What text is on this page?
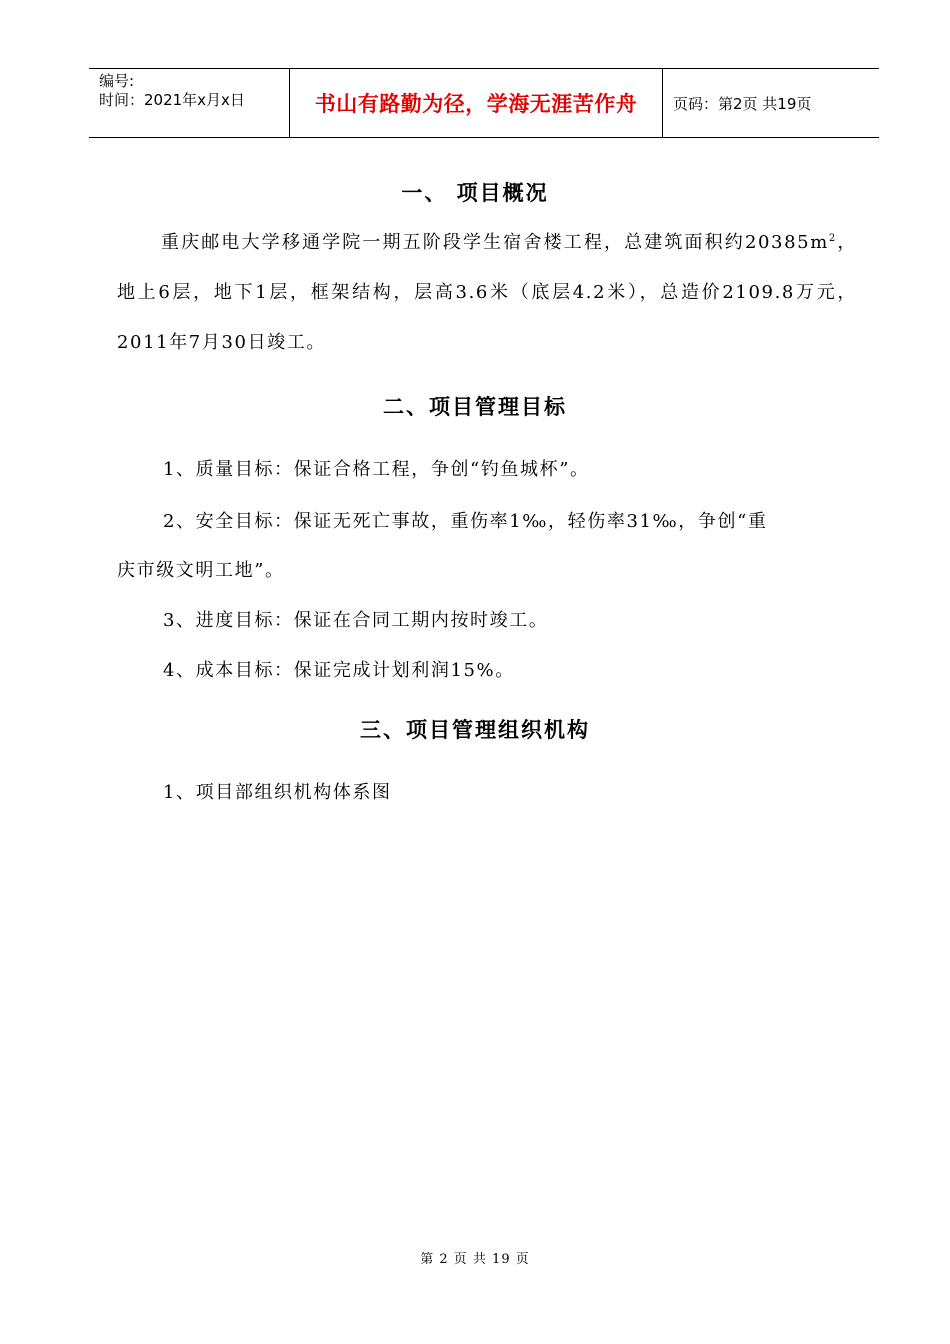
编号:
时间：2021年x月x日	书山有路勤为径，学海无涯苦作舟	页码：第2页 共19页
一、 项目概况

重庆邮电大学移通学院一期五阶段学生宿舍楼工程，总建筑面积约$20385m^2$，地上6层，地下1层，框架结构，层高3.6米（底层4.2米），总造价2109.8万元， 2011年7月30日竣工。

二、项目管理目标

1、质量目标：保证合格工程，争创“钓鱼城杯”。

2、安全目标：保证无死亡事故，重伤率1‰，轻伤率31‰，争创“重

庆市级文明工地”。

3、进度目标：保证在合同工期内按时竣工。

4、成本目标：保证完成计划利润15%。

三、项目管理组织机构

1、项目部组织机构体系图

第 2 页 共 19 页
